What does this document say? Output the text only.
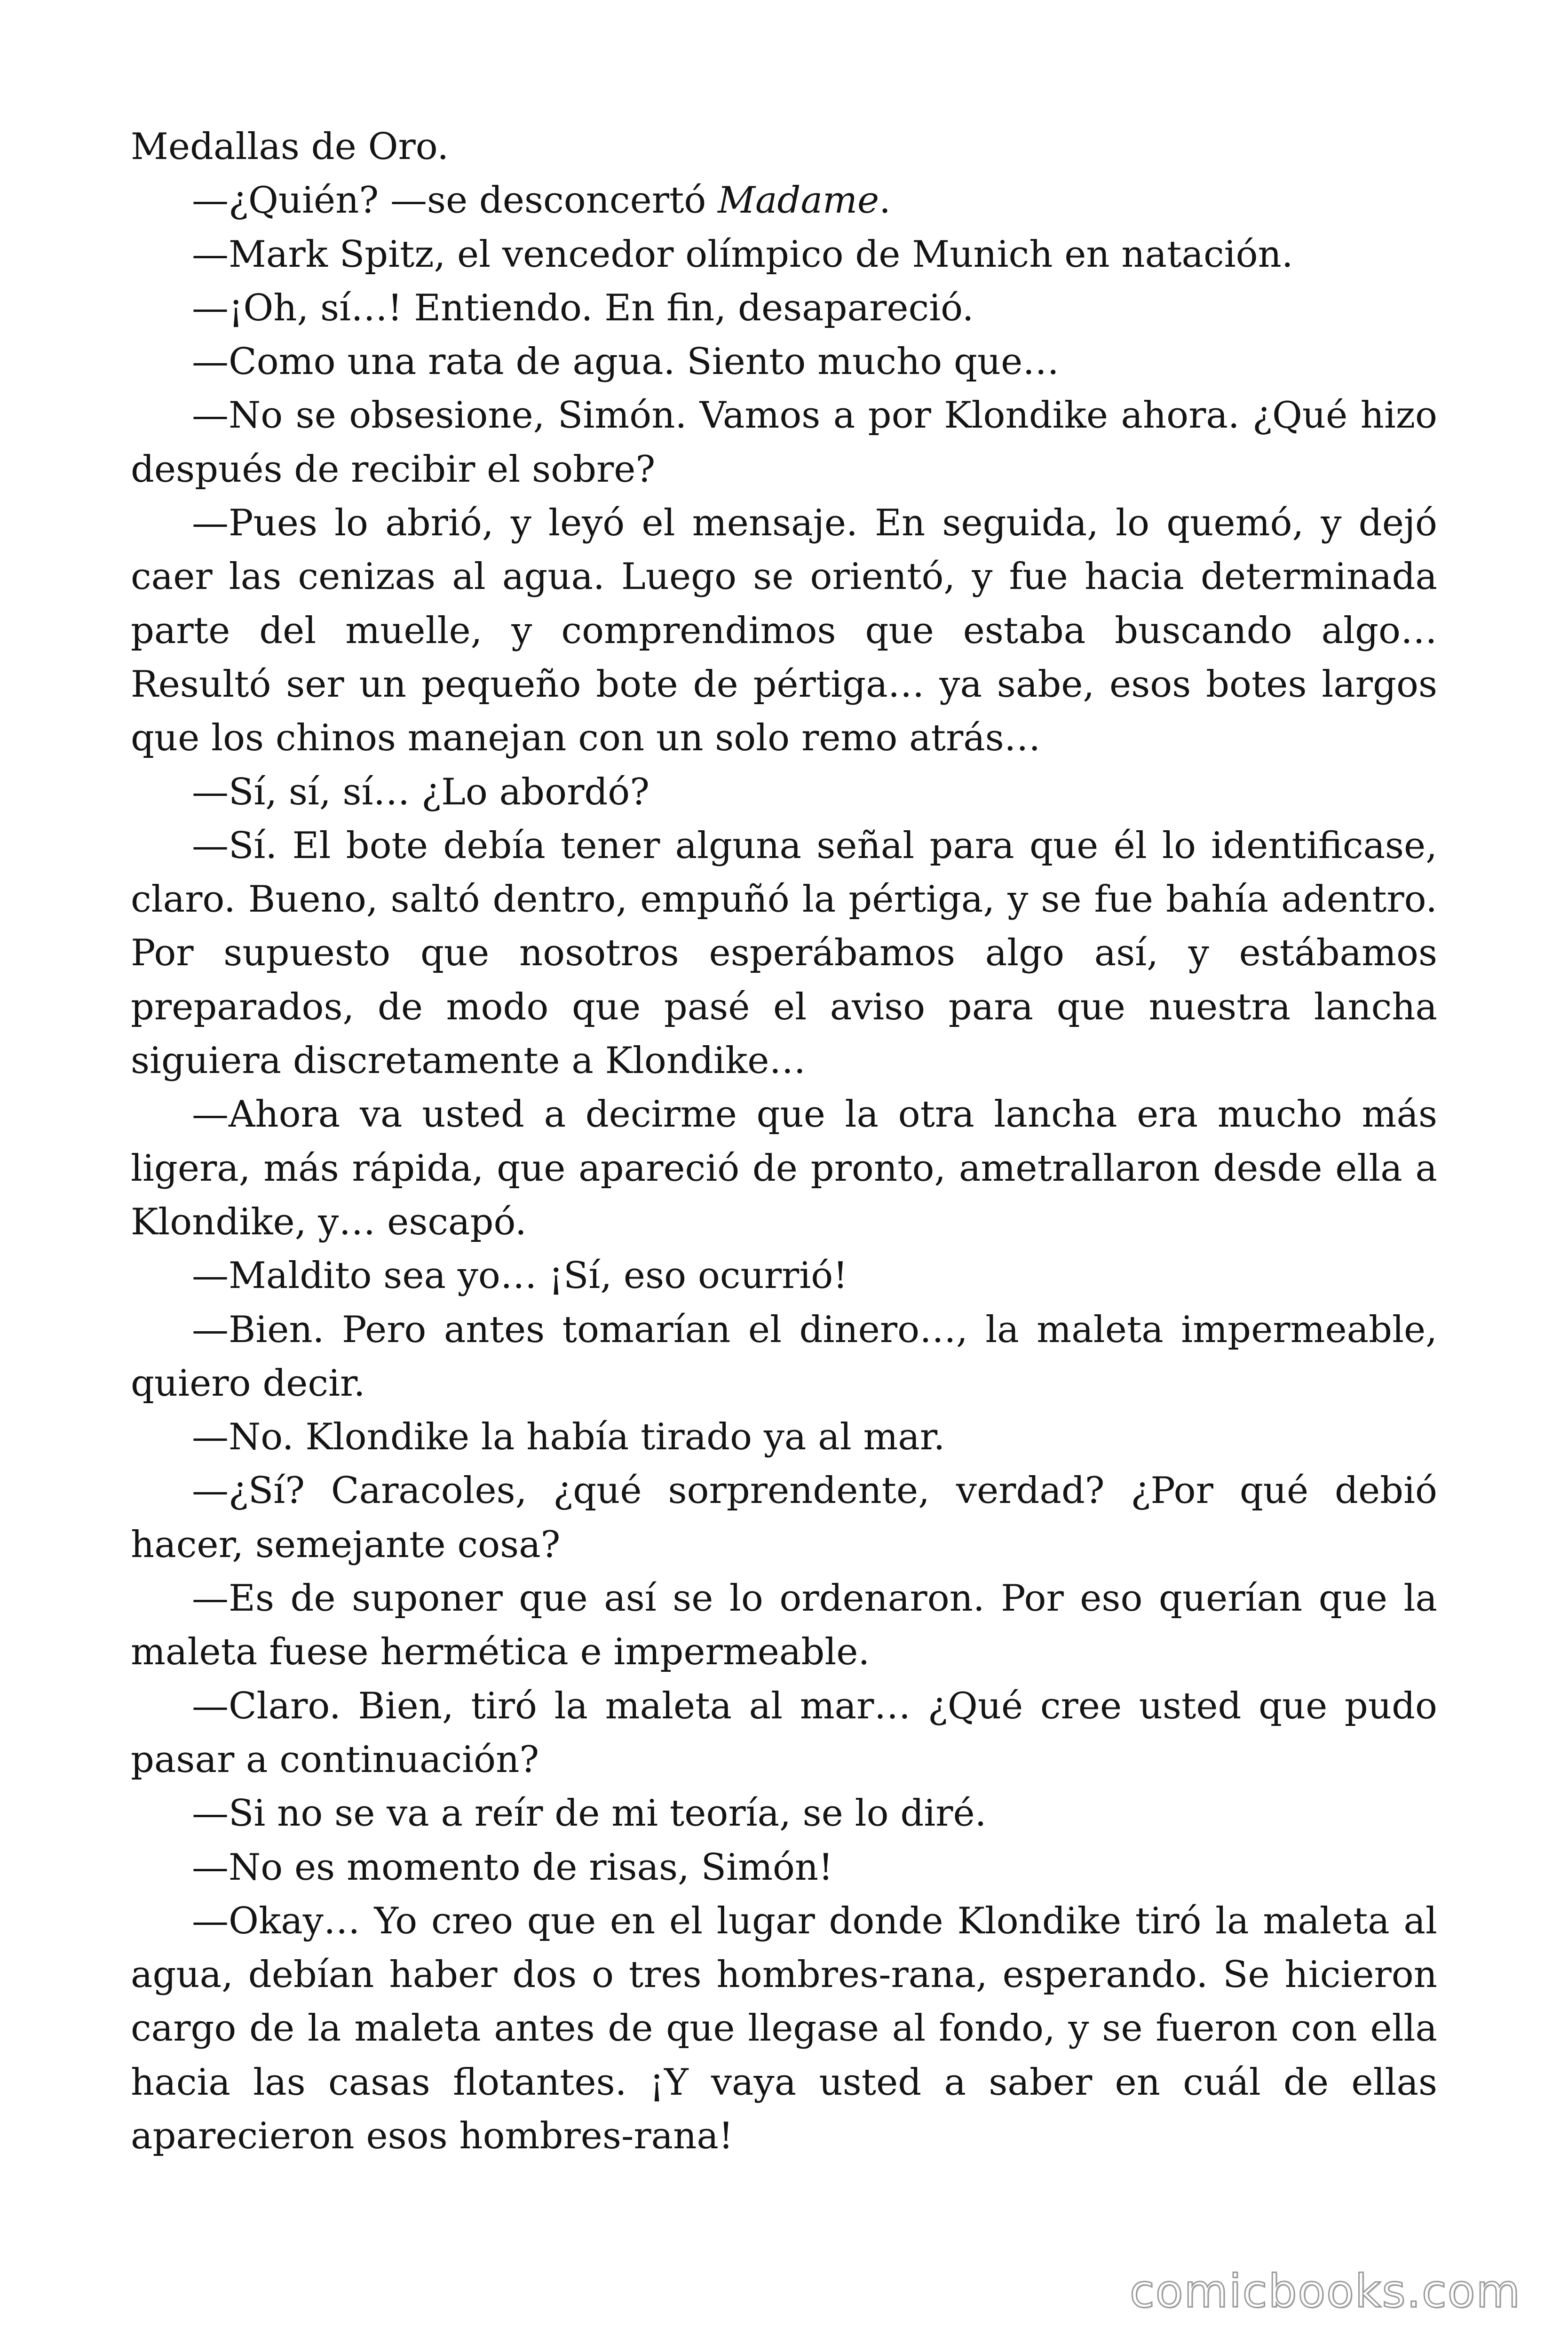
Medallas de Oro.

—¿Quién? —se desconcertó Madame.

—Mark Spitz, el vencedor olímpico de Munich en natación.

—¡Oh, sí…! Entiendo. En fin, desapareció.

—Como una rata de agua. Siento mucho que…

—No se obsesione, Simón. Vamos a por Klondike ahora. ¿Qué hizo después de recibir el sobre?

—Pues lo abrió, y leyó el mensaje. En seguida, lo quemó, y dejó caer las cenizas al agua. Luego se orientó, y fue hacia determinada parte del muelle, y comprendimos que estaba buscando algo… Resultó ser un pequeño bote de pértiga… ya sabe, esos botes largos que los chinos manejan con un solo remo atrás…

—Sí, sí, sí… ¿Lo abordó?

—Sí. El bote debía tener alguna señal para que él lo identificase, claro. Bueno, saltó dentro, empuñó la pértiga, y se fue bahía adentro. Por supuesto que nosotros esperábamos algo así, y estábamos preparados, de modo que pasé el aviso para que nuestra lancha siguiera discretamente a Klondike…

—Ahora va usted a decirme que la otra lancha era mucho más ligera, más rápida, que apareció de pronto, ametrallaron desde ella a Klondike, y… escapó.

—Maldito sea yo… ¡Sí, eso ocurrió!

—Bien. Pero antes tomarían el dinero…, la maleta impermeable, quiero decir.

—No. Klondike la había tirado ya al mar.

—¿Sí? Caracoles, ¿qué sorprendente, verdad? ¿Por qué debió hacer, semejante cosa?

—Es de suponer que así se lo ordenaron. Por eso querían que la maleta fuese hermética e impermeable.

—Claro. Bien, tiró la maleta al mar… ¿Qué cree usted que pudo pasar a continuación?

—Si no se va a reír de mi teoría, se lo diré.

—No es momento de risas, Simón!

—Okay… Yo creo que en el lugar donde Klondike tiró la maleta al agua, debían haber dos o tres hombres-rana, esperando. Se hicieron cargo de la maleta antes de que llegase al fondo, y se fueron con ella hacia las casas flotantes. ¡Y vaya usted a saber en cuál de ellas aparecieron esos hombres-rana!

comicbooks.com
